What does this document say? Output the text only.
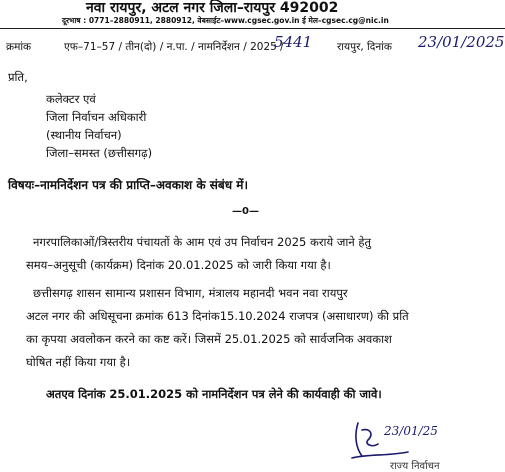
नवा रायपुर, अटल नगर जिला–रायपुर 492002
दूरभाष : 0771–2880911, 2880912, वेबसाईट–www.cgsec.gov.in ई मेल–cgsec.cg@nic.in
क्रमांक	एफ–71–57 / तीन(दो) / न.पा. / नामनिर्देशन / 2025 /
5441 रायपुर, दिनांक 23/01/2025
प्रति,
कलेक्टर एवं
जिला निर्वाचन अधिकारी
(स्थानीय निर्वाचन)
जिला–समस्त (छत्तीसगढ़)
विषयः–नामनिर्देशन पत्र की प्राप्ति–अवकाश के संबंध में।
—0—
नगरपालिकाओं/त्रिस्तरीय पंचायतों के आम एवं उप निर्वाचन 2025 कराये जाने हेतु
समय–अनुसूची (कार्यक्रम) दिनांक 20.01.2025 को जारी किया गया है।
छत्तीसगढ़ शासन सामान्य प्रशासन विभाग, मंत्रालय महानदी भवन नवा रायपुर
अटल नगर की अधिसूचना क्रमांक 613 दिनांक15.10.2024 राजपत्र (असाधारण) की प्रति
का कृपया अवलोकन करने का कष्ट करें। जिसमें 25.01.2025 को सार्वजनिक अवकाश
घोषित नहीं किया गया है।
अतएव दिनांक 25.01.2025 को नामनिर्देशन पत्र लेने की कार्यवाही की जावे।
23/01/25
राज्य निर्वाचन
